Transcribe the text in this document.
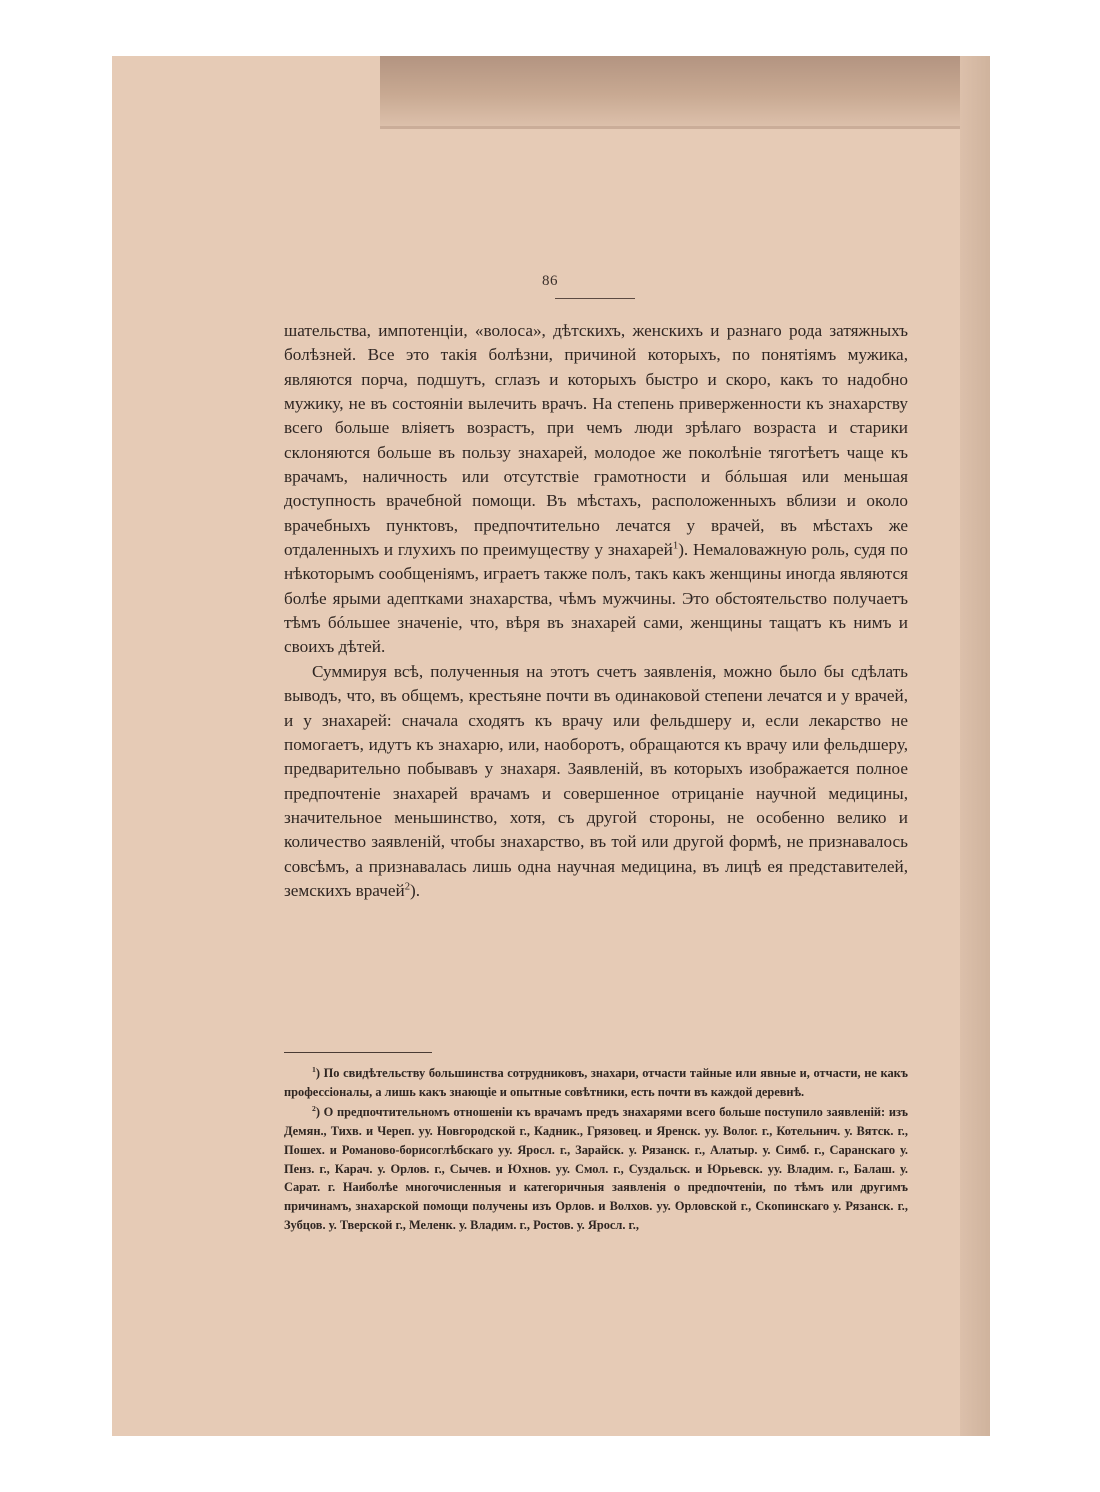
86

шательства, импотенціи, «волоса», дѣтскихъ, женскихъ и разнаго рода затяжныхъ болѣзней. Все это такія болѣзни, причиной которыхъ, по понятіямъ мужика, являются порча, подшутъ, сглазъ и которыхъ быстро и скоро, какъ то надобно мужику, не въ состояніи вылечить врачъ. На степень приверженности къ знахарству всего больше вліяетъ возрастъ, при чемъ люди зрѣлаго возраста и старики склоняются больше въ пользу знахарей, молодое же поколѣніе тяготѣетъ чаще къ врачамъ, наличность или отсутствіе грамотности и бóльшая или меньшая доступность врачебной помощи. Въ мѣстахъ, расположенныхъ вблизи и около врачебныхъ пунктовъ, предпочтительно лечатся у врачей, въ мѣстахъ же отдаленныхъ и глухихъ по преимуществу у знахарей$^1$). Немаловажную роль, судя по нѣкоторымъ сообщеніямъ, играетъ также полъ, такъ какъ женщины иногда являются болѣе ярыми адептками знахарства, чѣмъ мужчины. Это обстоятельство получаетъ тѣмъ бóльшее значеніе, что, вѣря въ знахарей сами, женщины тащатъ къ нимъ и своихъ дѣтей.

Суммируя всѣ, полученныя на этотъ счетъ заявленія, можно было бы сдѣлать выводъ, что, въ общемъ, крестьяне почти въ одинаковой степени лечатся и у врачей, и у знахарей: сначала сходятъ къ врачу или фельдшеру и, если лекарство не помогаетъ, идутъ къ знахарю, или, наоборотъ, обращаются къ врачу или фельдшеру, предварительно побывавъ у знахаря. Заявленій, въ которыхъ изображается полное предпочтеніе знахарей врачамъ и совершенное отрицаніе научной медицины, значительное меньшинство, хотя, съ другой стороны, не особенно велико и количество заявленій, чтобы знахарство, въ той или другой формѣ, не признавалось совсѣмъ, а признавалась лишь одна научная медицина, въ лицѣ ея представителей, земскихъ врачей$^2$).

$^1$) По свидѣтельству большинства сотрудниковъ, знахари, отчасти тайные или явные и, отчасти, не какъ профессіоналы, а лишь какъ знающіе и опытные совѣтники, есть почти въ каждой деревнѣ.

$^2$) О предпочтительномъ отношеніи къ врачамъ предъ знахарями всего больше поступило заявленій: изъ Демян., Тихв. и Череп. уу. Новгородской г., Кадник., Грязовец. и Яренск. уу. Волог. г., Котельнич. у. Вятск. г., Пошех. и Романово-борисоглѣбскаго уу. Яросл. г., Зарайск. у. Рязанск. г., Алатыр. у. Симб. г., Саранскаго у. Пенз. г., Карач. у. Орлов. г., Сычев. и Юхнов. уу. Смол. г., Суздальск. и Юрьевск. уу. Владим. г., Балаш. у. Сарат. г. Наиболѣе многочисленныя и категоричныя заявленія о предпочтеніи, по тѣмъ или другимъ причинамъ, знахарской помощи получены изъ Орлов. и Волхов. уу. Орловской г., Скопинскаго у. Рязанск. г., Зубцов. у. Тверской г., Меленк. у. Владим. г., Ростов. у. Яросл. г.,
